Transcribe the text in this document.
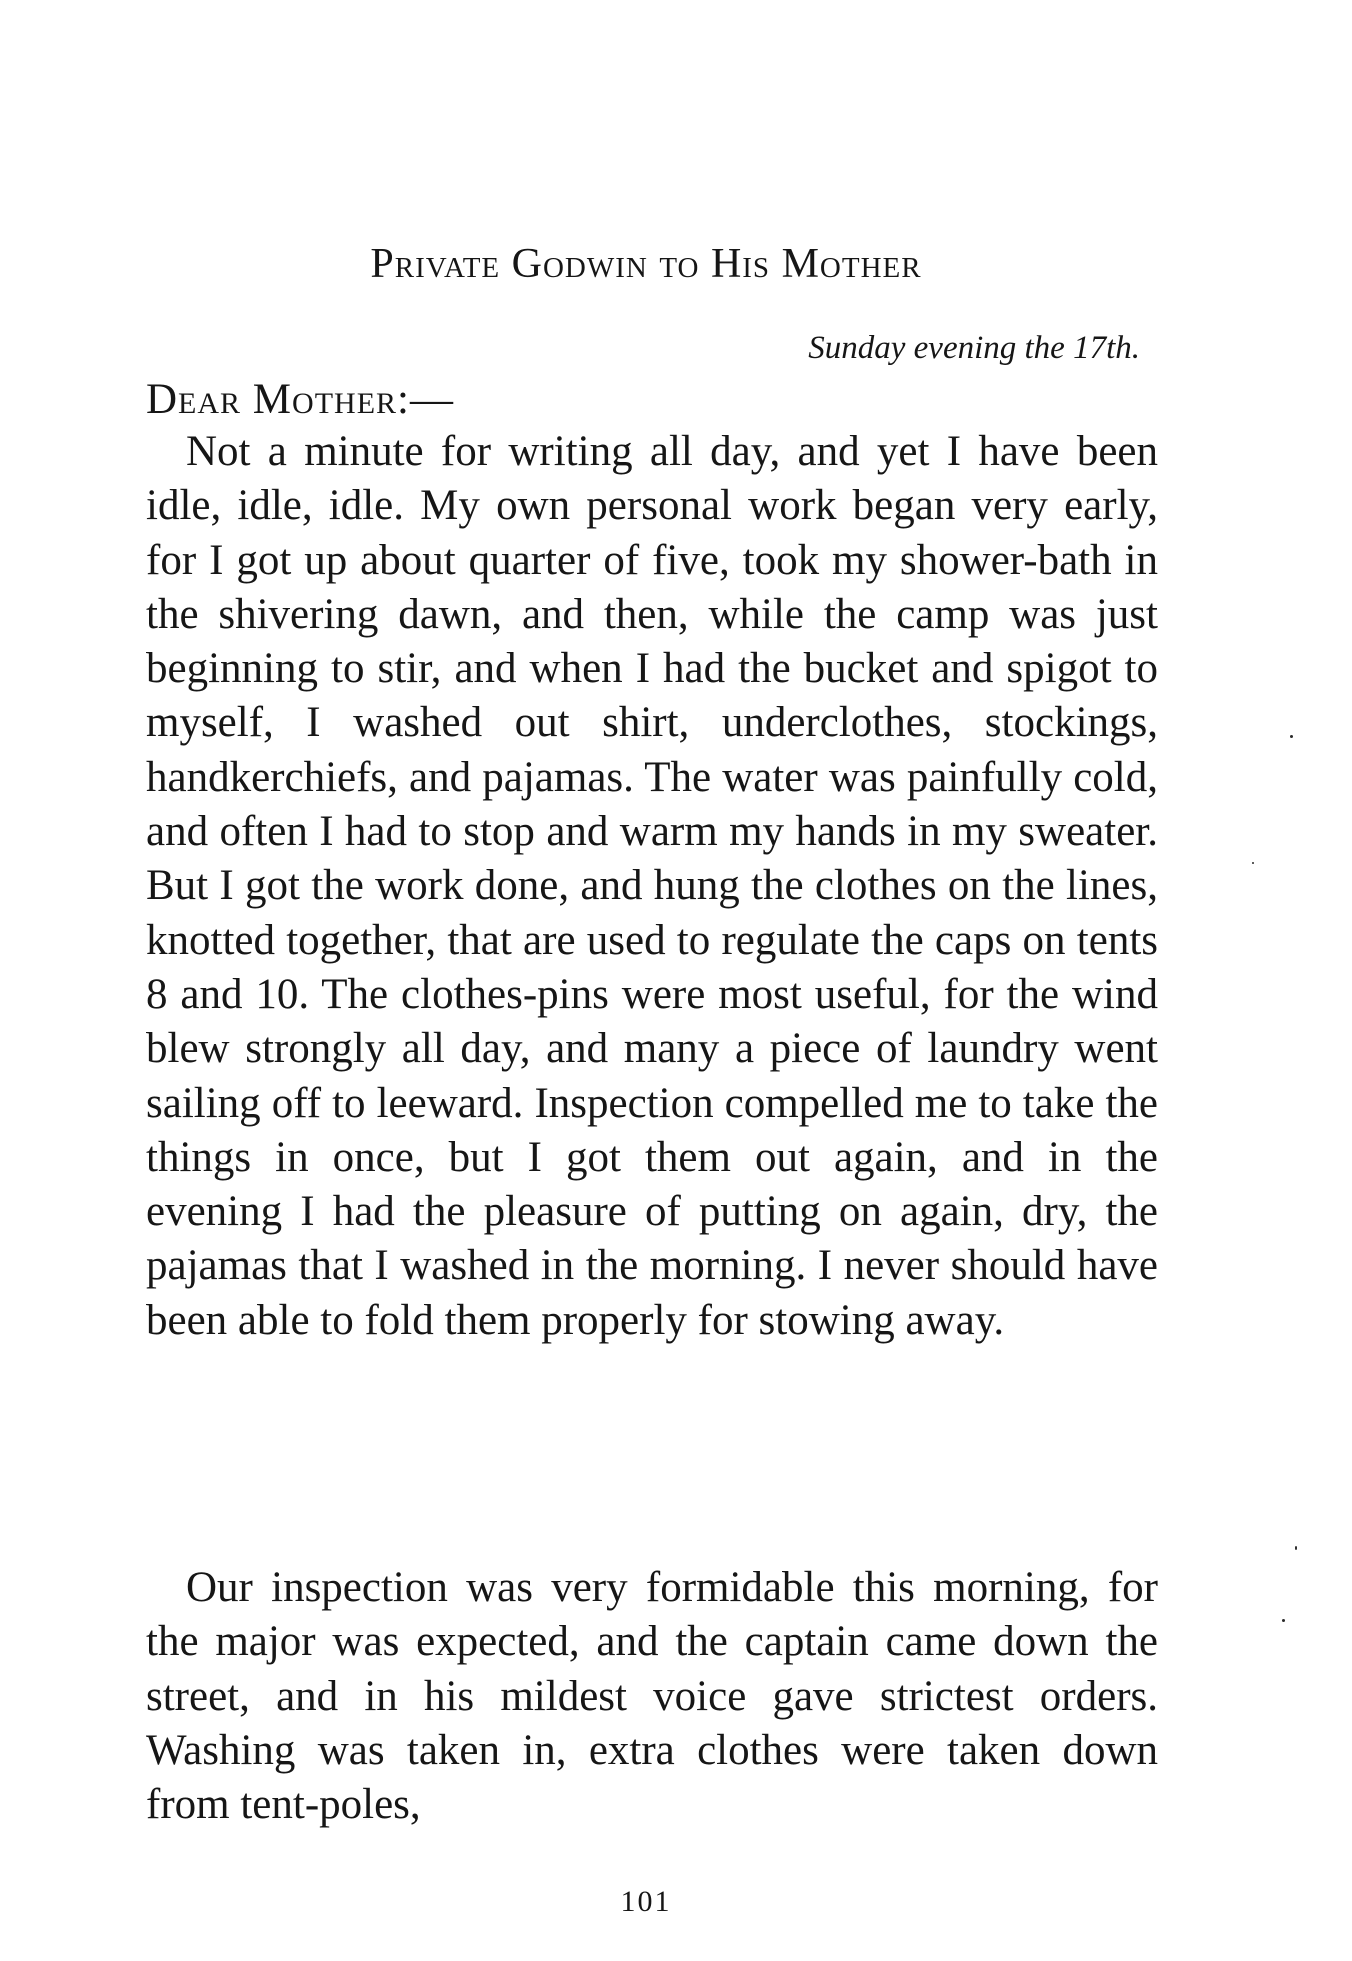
Private Godwin to His Mother
Sunday evening the 17th.
Dear Mother:—

Not a minute for writing all day, and yet I have been idle, idle, idle. My own personal work began very early, for I got up about quarter of five, took my shower-bath in the shivering dawn, and then, while the camp was just beginning to stir, and when I had the bucket and spigot to myself, I washed out shirt, underclothes, stockings, handkerchiefs, and pajamas. The water was painfully cold, and often I had to stop and warm my hands in my sweater. But I got the work done, and hung the clothes on the lines, knotted together, that are used to regulate the caps on tents 8 and 10. The clothes-pins were most useful, for the wind blew strongly all day, and many a piece of laundry went sailing off to leeward. Inspection compelled me to take the things in once, but I got them out again, and in the evening I had the pleasure of putting on again, dry, the pajamas that I washed in the morning. I never should have been able to fold them properly for stowing away.

Our inspection was very formidable this morning, for the major was expected, and the captain came down the street, and in his mildest voice gave strictest orders. Washing was taken in, extra clothes were taken down from tent-poles,

101
